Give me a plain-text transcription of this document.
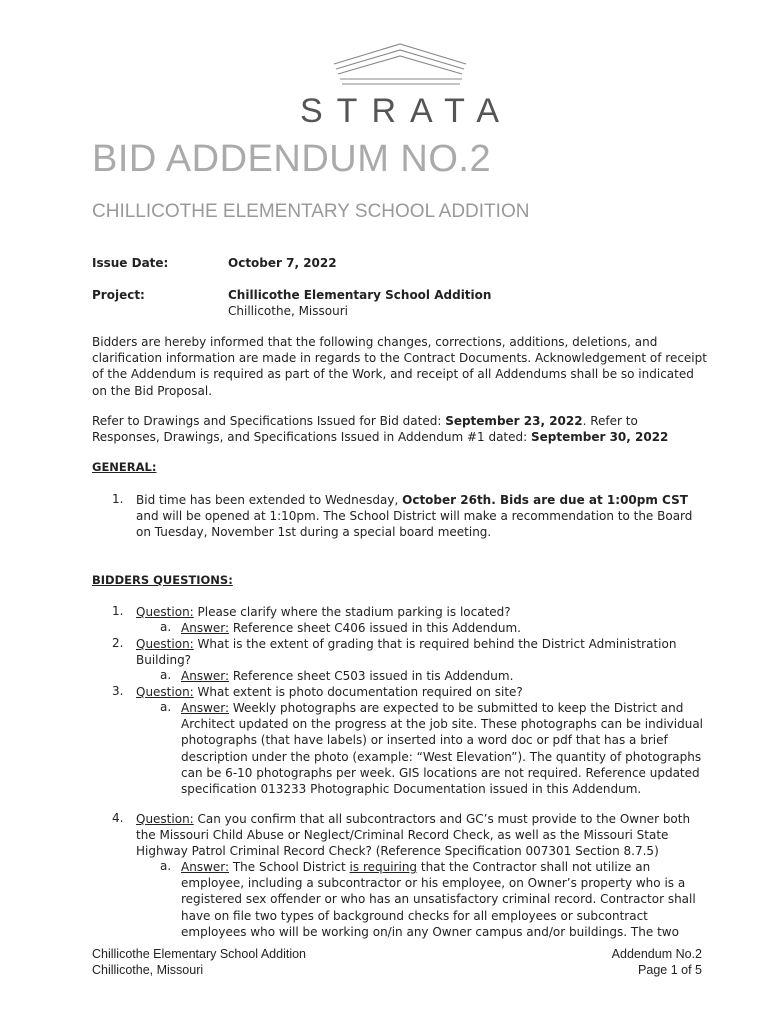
STRATA
BID ADDENDUM NO.2
CHILLICOTHE ELEMENTARY SCHOOL ADDITION
Issue Date:	October 7, 2022
Project:	Chillicothe Elementary School Addition
Chillicothe, Missouri
Bidders are hereby informed that the following changes, corrections, additions, deletions, and clarification information are made in regards to the Contract Documents. Acknowledgement of receipt of the Addendum is required as part of the Work, and receipt of all Addendums shall be so indicated on the Bid Proposal.
Refer to Drawings and Specifications Issued for Bid dated: September 23, 2022. Refer to Responses, Drawings, and Specifications Issued in Addendum #1 dated: September 30, 2022
GENERAL:
1. Bid time has been extended to Wednesday, October 26th. Bids are due at 1:00pm CST and will be opened at 1:10pm. The School District will make a recommendation to the Board on Tuesday, November 1st during a special board meeting.
BIDDERS QUESTIONS:
1. Question: Please clarify where the stadium parking is located?
a. Answer: Reference sheet C406 issued in this Addendum.
2. Question: What is the extent of grading that is required behind the District Administration Building?
a. Answer: Reference sheet C503 issued in tis Addendum.
3. Question: What extent is photo documentation required on site?
a. Answer: Weekly photographs are expected to be submitted to keep the District and Architect updated on the progress at the job site. These photographs can be individual photographs (that have labels) or inserted into a word doc or pdf that has a brief description under the photo (example: “West Elevation”). The quantity of photographs can be 6-10 photographs per week. GIS locations are not required. Reference updated specification 013233 Photographic Documentation issued in this Addendum.
4. Question: Can you confirm that all subcontractors and GC’s must provide to the Owner both the Missouri Child Abuse or Neglect/Criminal Record Check, as well as the Missouri State Highway Patrol Criminal Record Check? (Reference Specification 007301 Section 8.7.5)
a. Answer: The School District is requiring that the Contractor shall not utilize an employee, including a subcontractor or his employee, on Owner’s property who is a registered sex offender or who has an unsatisfactory criminal record. Contractor shall have on file two types of background checks for all employees or subcontract employees who will be working on/in any Owner campus and/or buildings. The two
Chillicothe Elementary School Addition
Chillicothe, Missouri
Addendum No.2
Page 1 of 5
